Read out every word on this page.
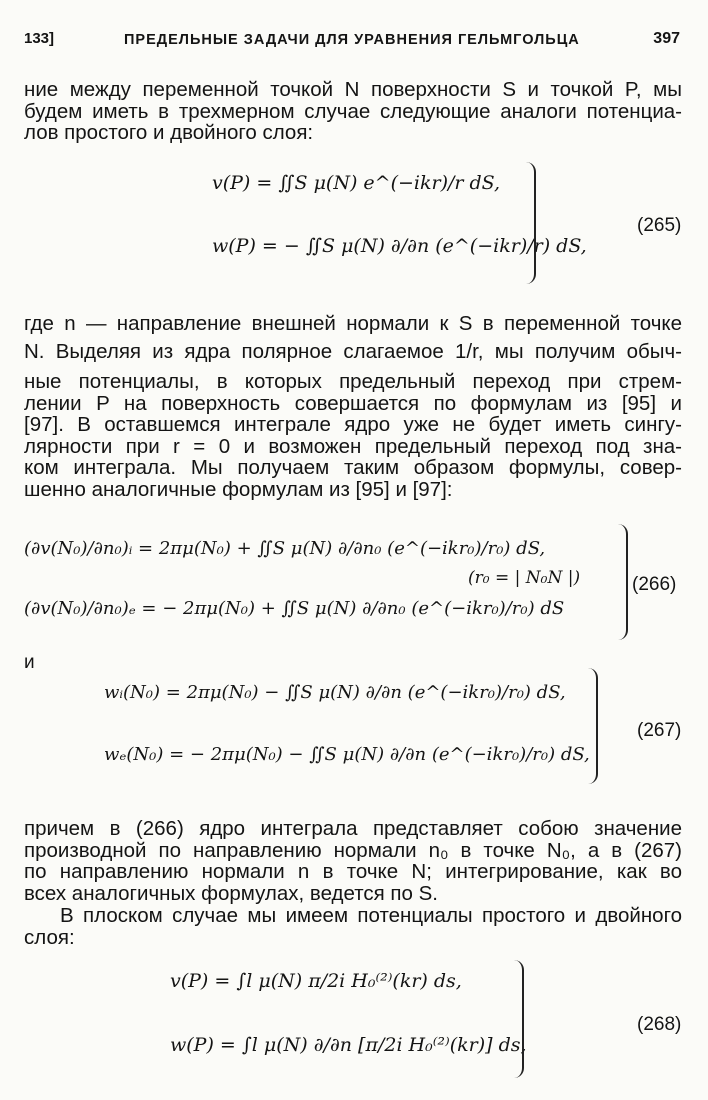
133]	ПРЕДЕЛЬНЫЕ ЗАДАЧИ ДЛЯ УРАВНЕНИЯ ГЕЛЬМГОЛЬЦА	397
ние между переменной точкой N поверхности S и точкой P, мы
будем иметь в трехмерном случае следующие аналоги потенциа-
лов простого и двойного слоя:
v(P) = ∬S μ(N) e^(−ikr)/r dS,
w(P) = − ∬S μ(N) ∂/∂n (e^(−ikr)/r) dS,
(265)
где n — направление внешней нормали к S в переменной точке
N. Выделяя из ядра полярное слагаемое 1/r, мы получим обыч-
ные потенциалы, в которых предельный переход при стрем-
лении P на поверхность совершается по формулам из [95] и
[97]. В оставшемся интеграле ядро уже не будет иметь сингу-
лярности при r = 0 и возможен предельный переход под зна-
ком интеграла. Мы получаем таким образом формулы, совер-
шенно аналогичные формулам из [95] и [97]:
(∂v(N₀)/∂n₀)ᵢ = 2πμ(N₀) + ∬S μ(N) ∂/∂n₀ (e^(−ikr₀)/r₀) dS,
(r₀ = | N₀N |)
(∂v(N₀)/∂n₀)ₑ = − 2πμ(N₀) + ∬S μ(N) ∂/∂n₀ (e^(−ikr₀)/r₀) dS
(266)
и
wᵢ(N₀) = 2πμ(N₀) − ∬S μ(N) ∂/∂n (e^(−ikr₀)/r₀) dS,
wₑ(N₀) = − 2πμ(N₀) − ∬S μ(N) ∂/∂n (e^(−ikr₀)/r₀) dS,
(267)
причем в (266) ядро интеграла представляет собою значение
производной по направлению нормали n₀ в точке N₀, а в (267)
по направлению нормали n в точке N; интегрирование, как во
всех аналогичных формулах, ведется по S.
В плоском случае мы имеем потенциалы простого и двойного
слоя:
v(P) = ∫l μ(N) π/2i H₀⁽²⁾(kr) ds,
w(P) = ∫l μ(N) ∂/∂n [π/2i H₀⁽²⁾(kr)] ds,
(268)
